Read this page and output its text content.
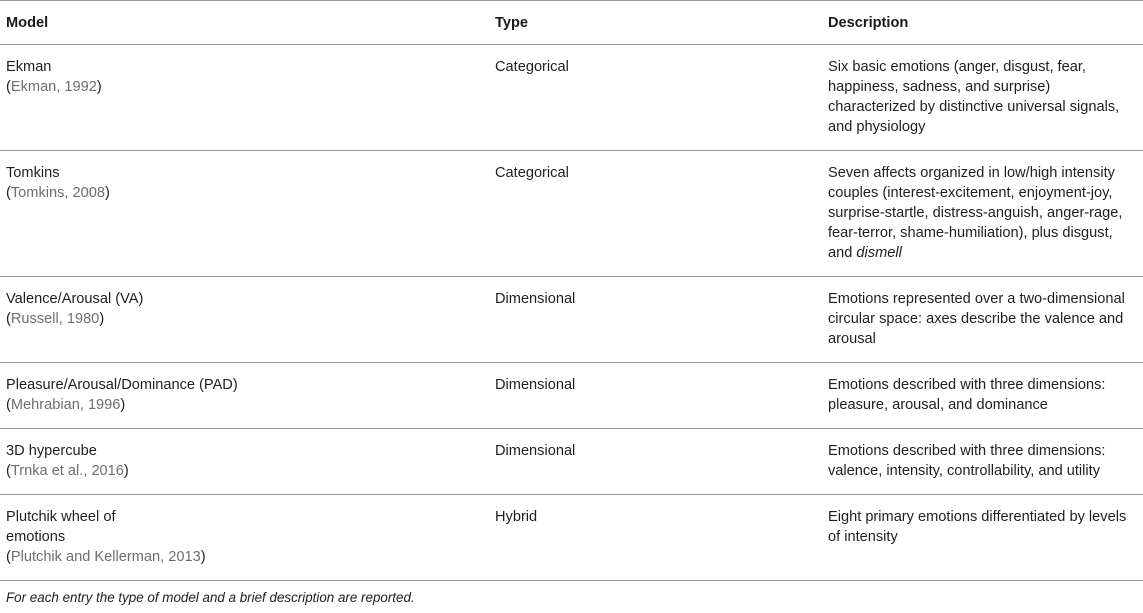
Model	Type	Description

Ekman
(Ekman, 1992)	Categorical	Six basic emotions (anger, disgust, fear, happiness, sadness, and surprise) characterized by distinctive universal signals, and physiology

Tomkins
(Tomkins, 2008)	Categorical	Seven affects organized in low/high intensity couples (interest-excitement, enjoyment-joy, surprise-startle, distress-anguish, anger-rage, fear-terror, shame-humiliation), plus disgust, and dismell

Valence/Arousal (VA)
(Russell, 1980)	Dimensional	Emotions represented over a two-dimensional circular space: axes describe the valence and arousal

Pleasure/Arousal/Dominance (PAD)
(Mehrabian, 1996)	Dimensional	Emotions described with three dimensions: pleasure, arousal, and dominance

3D hypercube
(Trnka et al., 2016)	Dimensional	Emotions described with three dimensions: valence, intensity, controllability, and utility

Plutchik wheel of emotions
(Plutchik and Kellerman, 2013)	Hybrid	Eight primary emotions differentiated by levels of intensity
For each entry the type of model and a brief description are reported.
